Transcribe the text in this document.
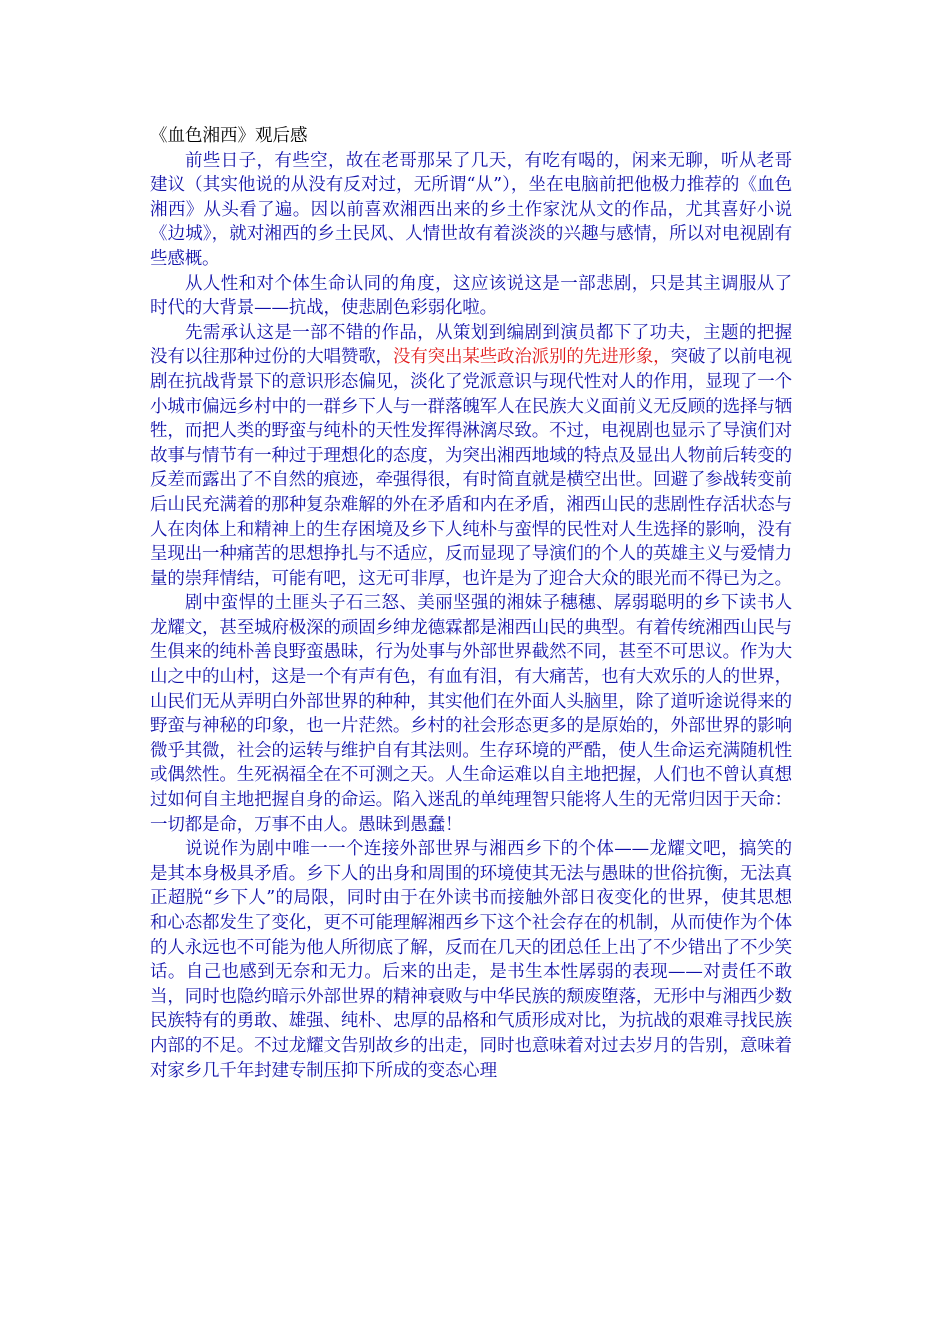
《血色湘西》观后感

前些日子，有些空，故在老哥那呆了几天，有吃有喝的，闲来无聊，听从老哥建议（其实他说的从没有反对过，无所谓“从”），坐在电脑前把他极力推荐的《血色湘西》从头看了遍。因以前喜欢湘西出来的乡土作家沈从文的作品，尤其喜好小说《边城》，就对湘西的乡土民风、人情世故有着淡淡的兴趣与感情，所以对电视剧有些感概。

从人性和对个体生命认同的角度，这应该说这是一部悲剧，只是其主调服从了时代的大背景——抗战，使悲剧色彩弱化啦。

先需承认这是一部不错的作品，从策划到编剧到演员都下了功夫，主题的把握没有以往那种过份的大唱赞歌，没有突出某些政治派别的先进形象，突破了以前电视剧在抗战背景下的意识形态偏见，淡化了党派意识与现代性对人的作用，显现了一个小城市偏远乡村中的一群乡下人与一群落魄军人在民族大义面前义无反顾的选择与牺牲，而把人类的野蛮与纯朴的天性发挥得淋漓尽致。不过，电视剧也显示了导演们对故事与情节有一种过于理想化的态度，为突出湘西地域的特点及显出人物前后转变的反差而露出了不自然的痕迹，牵强得很，有时简直就是横空出世。回避了参战转变前后山民充满着的那种复杂难解的外在矛盾和内在矛盾，湘西山民的悲剧性存活状态与人在肉体上和精神上的生存困境及乡下人纯朴与蛮悍的民性对人生选择的影响，没有呈现出一种痛苦的思想挣扎与不适应，反而显现了导演们的个人的英雄主义与爱情力量的崇拜情结，可能有吧，这无可非厚，也许是为了迎合大众的眼光而不得已为之。

剧中蛮悍的土匪头子石三怒、美丽坚强的湘妹子穗穗、孱弱聪明的乡下读书人龙耀文，甚至城府极深的顽固乡绅龙德霖都是湘西山民的典型。有着传统湘西山民与生俱来的纯朴善良野蛮愚昧，行为处事与外部世界截然不同，甚至不可思议。作为大山之中的山村，这是一个有声有色，有血有泪，有大痛苦，也有大欢乐的人的世界，山民们无从弄明白外部世界的种种，其实他们在外面人头脑里，除了道听途说得来的野蛮与神秘的印象，也一片茫然。乡村的社会形态更多的是原始的，外部世界的影响微乎其微，社会的运转与维护自有其法则。生存环境的严酷，使人生命运充满随机性或偶然性。生死祸福全在不可测之天。人生命运难以自主地把握，人们也不曾认真想过如何自主地把握自身的命运。陷入迷乱的单纯理智只能将人生的无常归因于天命：一切都是命，万事不由人。愚昧到愚蠢！

说说作为剧中唯一一个连接外部世界与湘西乡下的个体——龙耀文吧，搞笑的是其本身极具矛盾。乡下人的出身和周围的环境使其无法与愚昧的世俗抗衡，无法真正超脱“乡下人”的局限，同时由于在外读书而接触外部日夜变化的世界，使其思想和心态都发生了变化，更不可能理解湘西乡下这个社会存在的机制，从而使作为个体的人永远也不可能为他人所彻底了解，反而在几天的团总任上出了不少错出了不少笑话。自己也感到无奈和无力。后来的出走，是书生本性孱弱的表现——对责任不敢当，同时也隐约暗示外部世界的精神衰败与中华民族的颓废堕落，无形中与湘西少数民族特有的勇敢、雄强、纯朴、忠厚的品格和气质形成对比，为抗战的艰难寻找民族内部的不足。不过龙耀文告别故乡的出走，同时也意味着对过去岁月的告别，意味着对家乡几千年封建专制压抑下所成的变态心理
